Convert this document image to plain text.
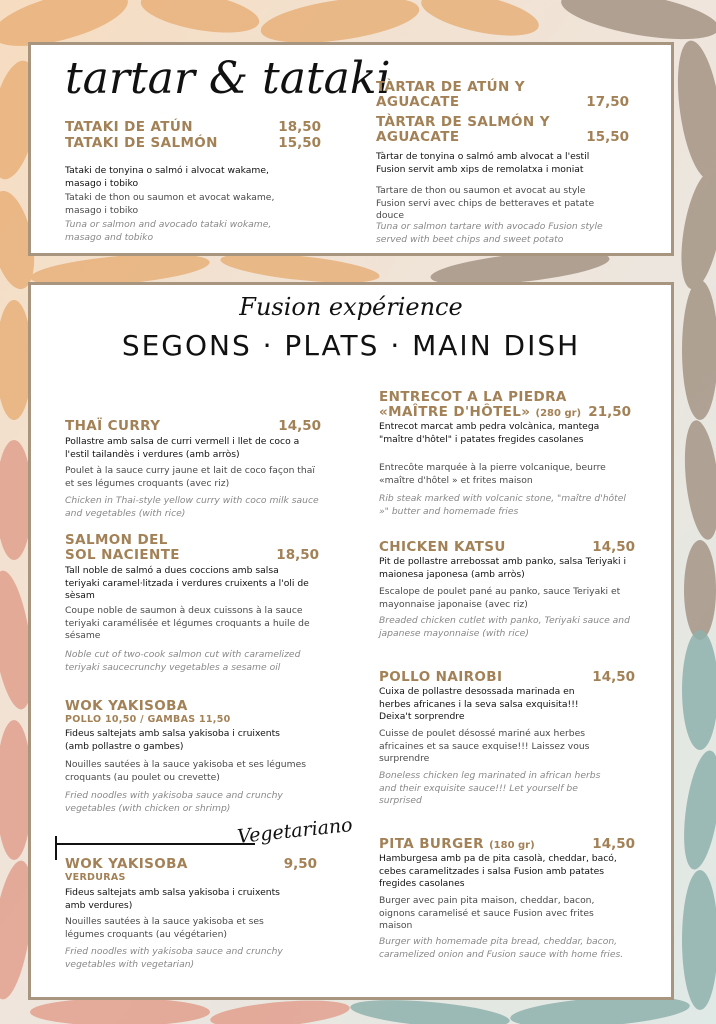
tartar & tataki
TATAKI DE ATÚN	18,50
TATAKI DE SALMÓN	15,50
Tataki de tonyina o salmó i alvocat wakame, masago i tobiko
Tataki de thon ou saumon et avocat wakame, masago i tobiko
Tuna or salmon and avocado tataki wokame, masago and tobiko
TÀRTAR DE ATÚN Y
AGUACATE	17,50
TÀRTAR DE SALMÓN Y
AGUACATE	15,50
Tàrtar de tonyina o salmó amb alvocat a l'estil Fusion servit amb xips de remolatxa i moniat
Tartare de thon ou saumon et avocat au style Fusion servi avec chips de betteraves et patate douce
Tuna or salmon tartare with avocado Fusion style served with beet chips and sweet potato
Fusion expérience
SEGONS · PLATS · MAIN DISH
THAÏ CURRY	14,50
Pollastre amb salsa de curri vermell i llet de coco a l'estil tailandès i verdures (amb arròs)
Poulet à la sauce curry jaune et lait de coco façon thaï et ses légumes croquants (avec riz)
Chicken in Thai-style yellow curry with coco milk sauce and vegetables (with rice)
SALMON DEL
SOL NACIENTE	18,50
Tall noble de salmó a dues coccions amb salsa teriyaki caramel·litzada i verdures cruixents a l'oli de sèsam
Coupe noble de saumon à deux cuissons à la sauce teriyaki caramélisée et légumes croquants a huile de sésame
Noble cut of two-cook salmon cut with caramelized teriyaki saucecrunchy vegetables a sesame oil
WOK YAKISOBA
POLLO 10,50 / GAMBAS 11,50
Fideus saltejats amb salsa yakisoba i cruixents (amb pollastre o gambes)
Nouilles sautées à la sauce yakisoba et ses légumes croquants (au poulet ou crevette)
Fried noodles with yakisoba sauce and crunchy vegetables (with chicken or shrimp)
Vegetariano
WOK YAKISOBA	9,50
VERDURAS
Fideus saltejats amb salsa yakisoba i cruixents amb verdures)
Nouilles sautées à la sauce yakisoba et ses légumes croquants (au végétarien)
Fried noodles with yakisoba sauce and crunchy vegetables with vegetarian)
ENTRECOT A LA PIEDRA
«MAÎTRE D'HÔTEL» (280 gr) 21,50
Entrecot marcat amb pedra volcànica, mantega "maître d'hôtel" i patates fregides casolanes
Entrecôte marquée à la pierre volcanique, beurre «maître d'hôtel » et frites maison
Rib steak marked with volcanic stone, "maître d'hôtel »" butter and homemade fries
CHICKEN KATSU	14,50
Pit de pollastre arrebossat amb panko, salsa Teriyaki i maionesa japonesa (amb arròs)
Escalope de poulet pané au panko, sauce Teriyaki et mayonnaise japonaise (avec riz)
Breaded chicken cutlet with panko, Teriyaki sauce and japanese mayonnaise (with rice)
POLLO NAIROBI	14,50
Cuixa de pollastre desossada marinada en herbes africanes i la seva salsa exquisita!!! Deixa't sorprendre
Cuisse de poulet désossé mariné aux herbes africaines et sa sauce exquise!!! Laissez vous surprendre
Boneless chicken leg marinated in african herbs and their exquisite sauce!!! Let yourself be surprised
PITA BURGER (180 gr)	14,50
Hamburgesa amb pa de pita casolà, cheddar, bacó, cebes caramelitzades i salsa Fusion amb patates fregides casolanes
Burger avec pain pita maison, cheddar, bacon, oignons caramelisé et sauce Fusion avec frites maison
Burger with homemade pita bread, cheddar, bacon, caramelized onion and Fusion sauce with home fries.
